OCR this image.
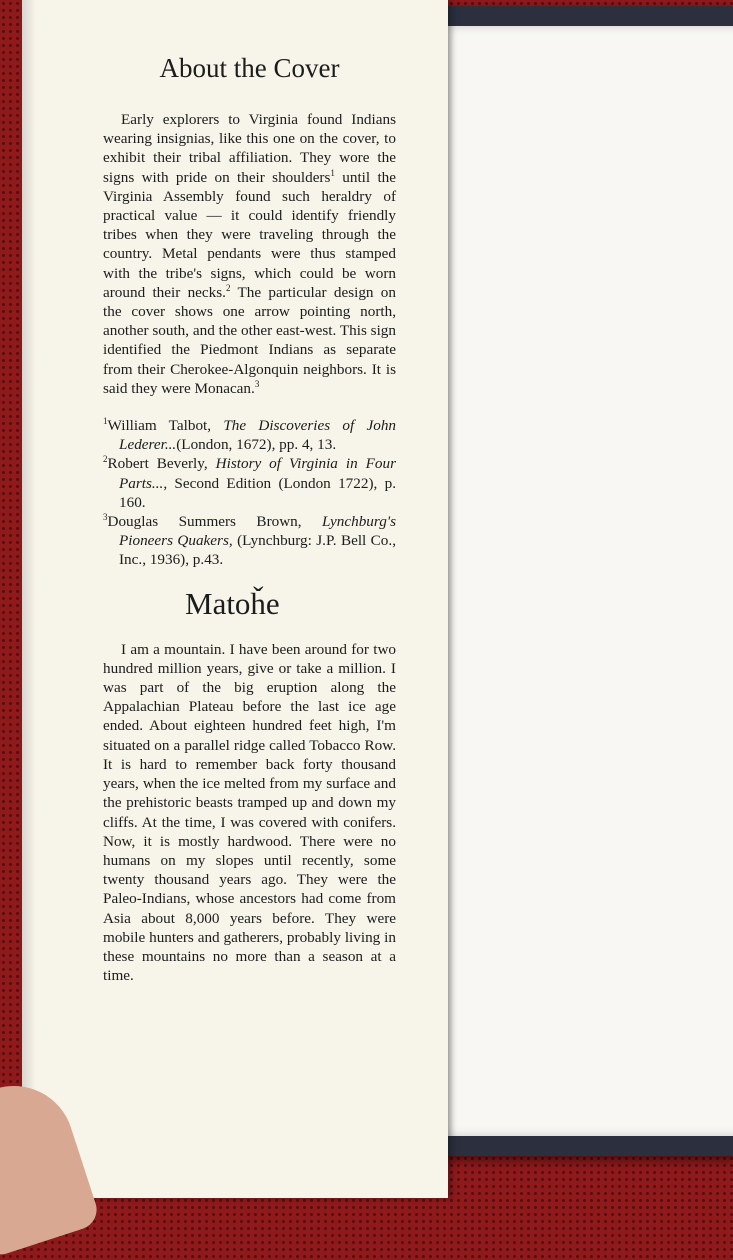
About the Cover

Early explorers to Virginia found Indians wearing insignias, like this one on the cover, to exhibit their tribal affiliation. They wore the signs with pride on their shoulders$^1$ until the Virginia Assembly found such heraldry of practical value — it could identify friendly tribes when they were traveling through the country. Metal pendants were thus stamped with the tribe's signs, which could be worn around their necks.$^2$ The particular design on the cover shows one arrow pointing north, another south, and the other east-west. This sign identified the Piedmont Indians as separate from their Cherokee-Algonquin neighbors. It is said they were Monacan.$^3$

$^1$William Talbot, The Discoveries of John Lederer...(London, 1672), pp. 4, 13.

$^2$Robert Beverly, History of Virginia in Four Parts..., Second Edition (London 1722), p. 160.

$^3$Douglas Summers Brown, Lynchburg's Pioneers Quakers, (Lynchburg: J.P. Bell Co., Inc., 1936), p.43.

Matoȟe

I am a mountain. I have been around for two hundred million years, give or take a million. I was part of the big eruption along the Appalachian Plateau before the last ice age ended. About eighteen hundred feet high, I'm situated on a parallel ridge called Tobacco Row. It is hard to remember back forty thousand years, when the ice melted from my surface and the prehistoric beasts tramped up and down my cliffs. At the time, I was covered with conifers. Now, it is mostly hardwood. There were no humans on my slopes until recently, some twenty thousand years ago. They were the Paleo-Indians, whose ancestors had come from Asia about 8,000 years before. They were mobile hunters and gatherers, probably living in these mountains no more than a season at a time.
